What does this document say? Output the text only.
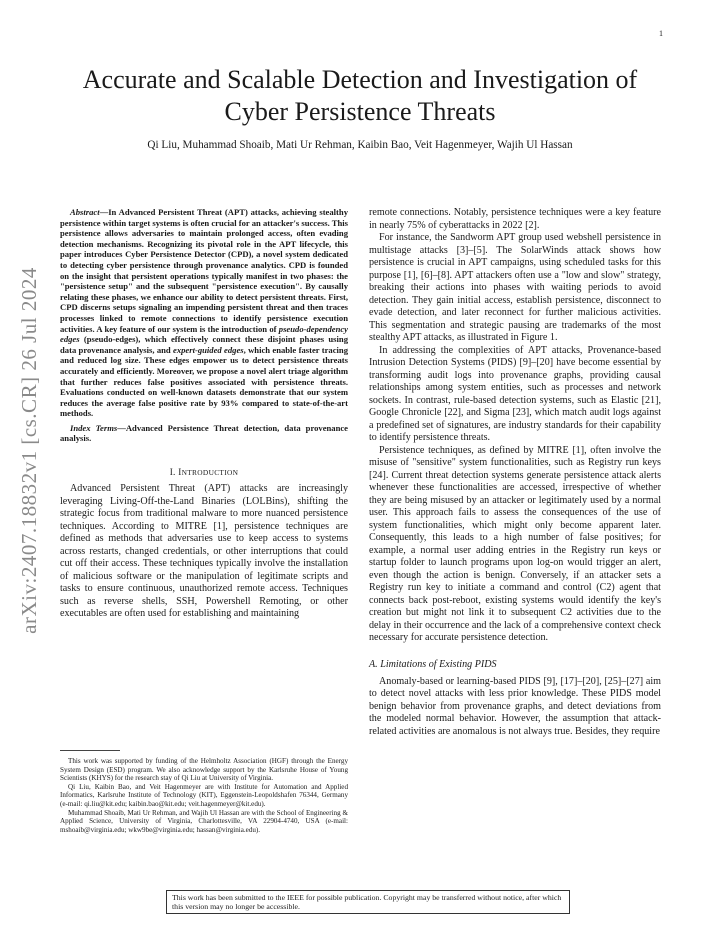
1
Accurate and Scalable Detection and Investigation of Cyber Persistence Threats
Qi Liu, Muhammad Shoaib, Mati Ur Rehman, Kaibin Bao, Veit Hagenmeyer, Wajih Ul Hassan
arXiv:2407.18832v1 [cs.CR] 26 Jul 2024

Abstract—In Advanced Persistent Threat (APT) attacks, achieving stealthy persistence within target systems is often crucial for an attacker's success. This persistence allows adversaries to maintain prolonged access, often evading detection mechanisms. Recognizing its pivotal role in the APT lifecycle, this paper introduces Cyber Persistence Detector (CPD), a novel system dedicated to detecting cyber persistence through provenance analytics. CPD is founded on the insight that persistent operations typically manifest in two phases: the "persistence setup" and the subsequent "persistence execution". By causally relating these phases, we enhance our ability to detect persistent threats. First, CPD discerns setups signaling an impending persistent threat and then traces processes linked to remote connections to identify persistence execution activities. A key feature of our system is the introduction of pseudo-dependency edges (pseudo-edges), which effectively connect these disjoint phases using data provenance analysis, and expert-guided edges, which enable faster tracing and reduced log size. These edges empower us to detect persistence threats accurately and efficiently. Moreover, we propose a novel alert triage algorithm that further reduces false positives associated with persistence threats. Evaluations conducted on well-known datasets demonstrate that our system reduces the average false positive rate by 93% compared to state-of-the-art methods.

Index Terms—Advanced Persistence Threat detection, data provenance analysis.

I. INTRODUCTION

Advanced Persistent Threat (APT) attacks are increasingly leveraging Living-Off-the-Land Binaries (LOLBins), shifting the strategic focus from traditional malware to more nuanced persistence techniques. According to MITRE [1], persistence techniques are defined as methods that adversaries use to keep access to systems across restarts, changed credentials, or other interruptions that could cut off their access. These techniques typically involve the installation of malicious software or the manipulation of legitimate scripts and tasks to ensure continuous, unauthorized remote access. Techniques such as reverse shells, SSH, Powershell Remoting, or other executables are often used for establishing and maintaining

This work was supported by funding of the Helmholtz Association (HGF) through the Energy System Design (ESD) program. We also acknowledge support by the Karlsruhe House of Young Scientists (KHYS) for the research stay of Qi Liu at University of Virginia.

Qi Liu, Kaibin Bao, and Veit Hagenmeyer are with Institute for Automation and Applied Informatics, Karlsruhe Institute of Technology (KIT), Eggenstein-Leopoldshafen 76344, Germany (e-mail: qi.liu@kit.edu; kaibin.bao@kit.edu; veit.hagenmeyer@kit.edu).

Muhammad Shoaib, Mati Ur Rehman, and Wajih Ul Hassan are with the School of Engineering & Applied Science, University of Virginia, Charlottesville, VA 22904-4740, USA (e-mail: mshoaib@virginia.edu; wkw9be@virginia.edu; hassan@virginia.edu).

remote connections. Notably, persistence techniques were a key feature in nearly 75% of cyberattacks in 2022 [2].

For instance, the Sandworm APT group used webshell persistence in multistage attacks [3]–[5]. The SolarWinds attack shows how persistence is crucial in APT campaigns, using scheduled tasks for this purpose [1], [6]–[8]. APT attackers often use a "low and slow" strategy, breaking their actions into phases with waiting periods to avoid detection. They gain initial access, establish persistence, disconnect to evade detection, and later reconnect for further malicious activities. This segmentation and strategic pausing are trademarks of the most stealthy APT attacks, as illustrated in Figure 1.

In addressing the complexities of APT attacks, Provenance-based Intrusion Detection Systems (PIDS) [9]–[20] have become essential by transforming audit logs into provenance graphs, providing causal relationships among system entities, such as processes and network sockets. In contrast, rule-based detection systems, such as Elastic [21], Google Chronicle [22], and Sigma [23], which match audit logs against a predefined set of signatures, are industry standards for their capability to identify persistence threats.

Persistence techniques, as defined by MITRE [1], often involve the misuse of "sensitive" system functionalities, such as Registry run keys [24]. Current threat detection systems generate persistence attack alerts whenever these functionalities are accessed, irrespective of whether they are being misused by an attacker or legitimately used by a normal user. This approach fails to assess the consequences of the use of system functionalities, which might only become apparent later. Consequently, this leads to a high number of false positives; for example, a normal user adding entries in the Registry run keys or startup folder to launch programs upon log-on would trigger an alert, even though the action is benign. Conversely, if an attacker sets a Registry run key to initiate a command and control (C2) agent that connects back post-reboot, existing systems would identify the key's creation but might not link it to subsequent C2 activities due to the delay in their occurrence and the lack of a comprehensive context check necessary for accurate persistence detection.

A. Limitations of Existing PIDS

Anomaly-based or learning-based PIDS [9], [17]–[20], [25]–[27] aim to detect novel attacks with less prior knowledge. These PIDS model benign behavior from provenance graphs, and detect deviations from the modeled normal behavior. However, the assumption that attack-related activities are anomalous is not always true. Besides, they require

This work has been submitted to the IEEE for possible publication. Copyright may be transferred without notice, after which this version may no longer be accessible.
